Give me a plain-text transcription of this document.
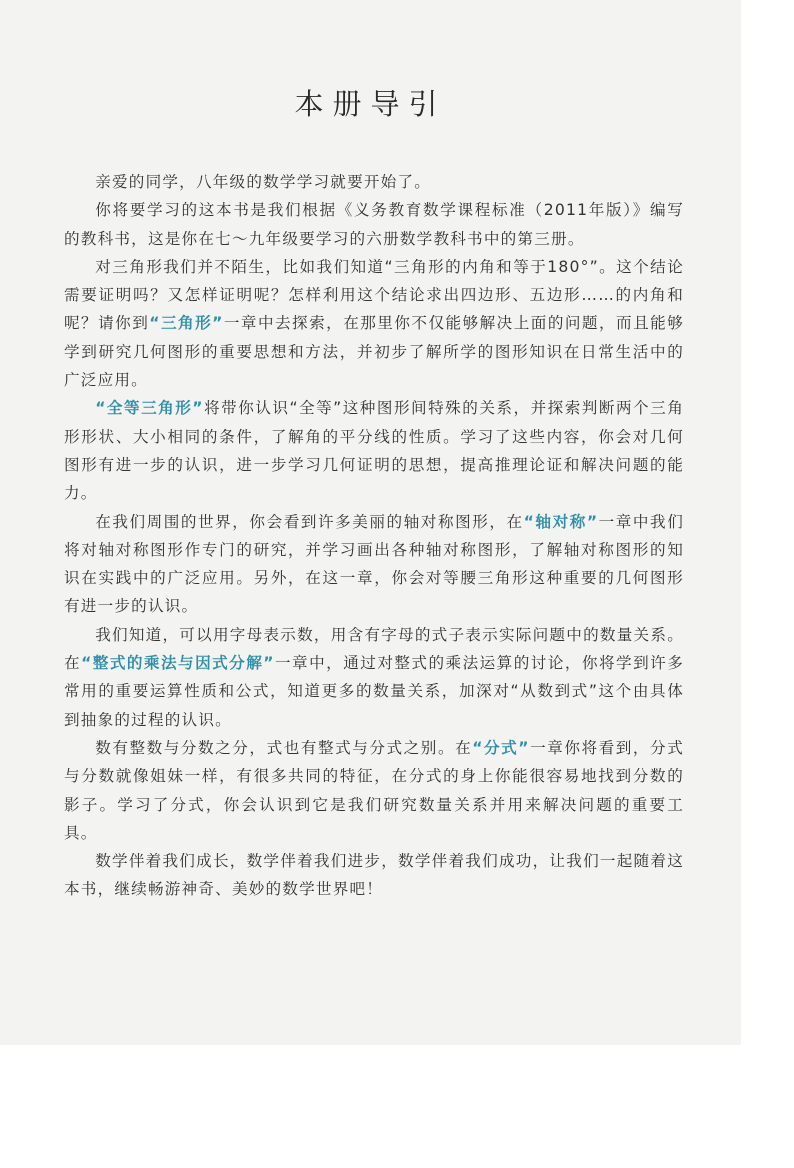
本册导引

亲爱的同学，八年级的数学学习就要开始了。

你将要学习的这本书是我们根据《义务教育数学课程标准（2011年版）》编写的教科书，这是你在七～九年级要学习的六册数学教科书中的第三册。

对三角形我们并不陌生，比如我们知道“三角形的内角和等于180°”。这个结论需要证明吗？又怎样证明呢？怎样利用这个结论求出四边形、五边形……的内角和呢？请你到“三角形”一章中去探索，在那里你不仅能够解决上面的问题，而且能够学到研究几何图形的重要思想和方法，并初步了解所学的图形知识在日常生活中的广泛应用。

“全等三角形”将带你认识“全等”这种图形间特殊的关系，并探索判断两个三角形形状、大小相同的条件，了解角的平分线的性质。学习了这些内容，你会对几何图形有进一步的认识，进一步学习几何证明的思想，提高推理论证和解决问题的能力。

在我们周围的世界，你会看到许多美丽的轴对称图形，在“轴对称”一章中我们将对轴对称图形作专门的研究，并学习画出各种轴对称图形，了解轴对称图形的知识在实践中的广泛应用。另外，在这一章，你会对等腰三角形这种重要的几何图形有进一步的认识。

我们知道，可以用字母表示数，用含有字母的式子表示实际问题中的数量关系。在“整式的乘法与因式分解”一章中，通过对整式的乘法运算的讨论，你将学到许多常用的重要运算性质和公式，知道更多的数量关系，加深对“从数到式”这个由具体到抽象的过程的认识。

数有整数与分数之分，式也有整式与分式之别。在“分式”一章你将看到，分式与分数就像姐妹一样，有很多共同的特征，在分式的身上你能很容易地找到分数的影子。学习了分式，你会认识到它是我们研究数量关系并用来解决问题的重要工具。

数学伴着我们成长，数学伴着我们进步，数学伴着我们成功，让我们一起随着这本书，继续畅游神奇、美妙的数学世界吧！
